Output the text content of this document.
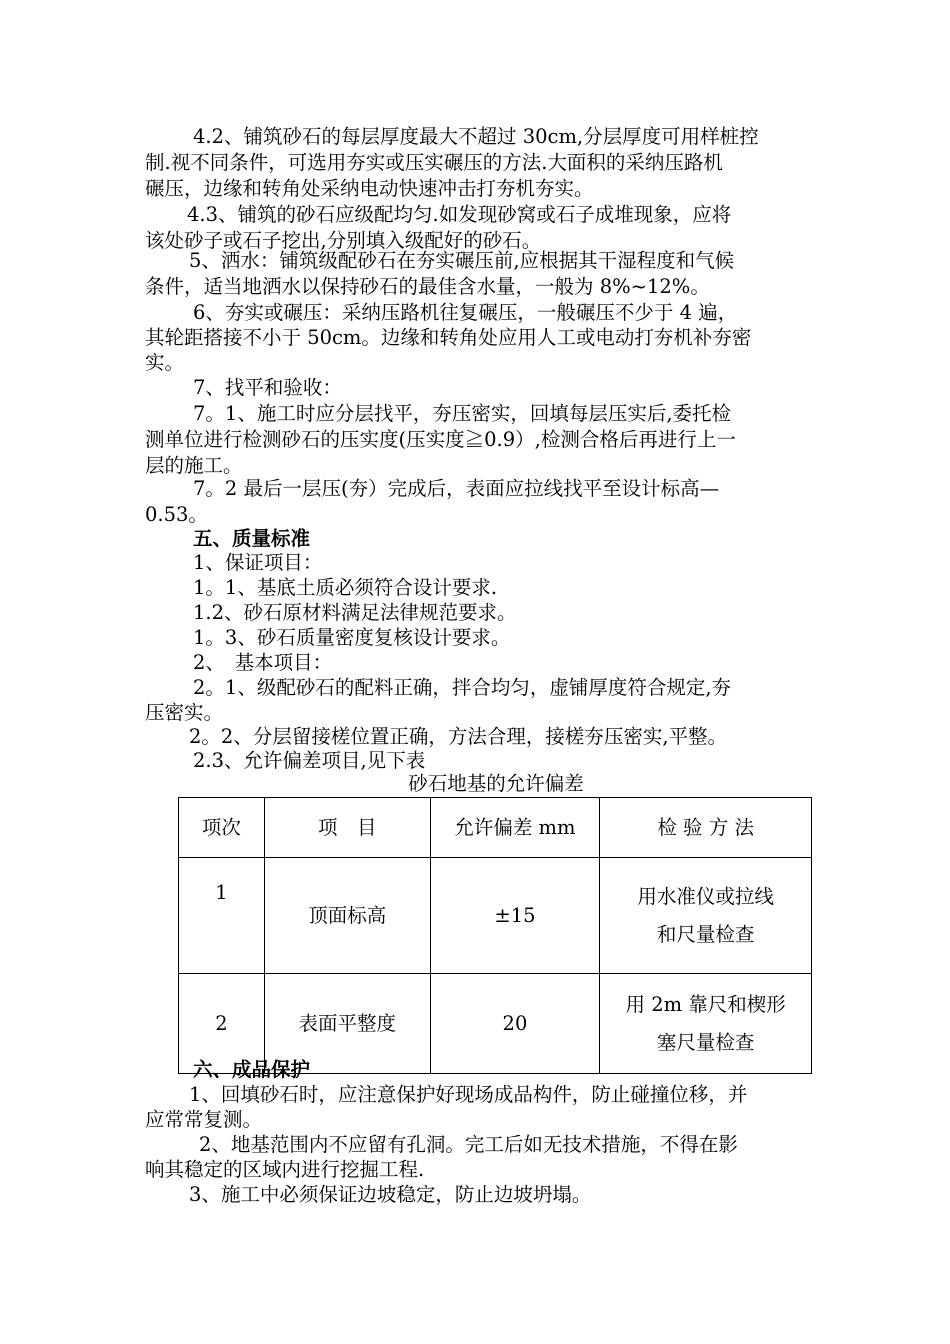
4.2、铺筑砂石的每层厚度最大不超过 30cm,分层厚度可用样桩控
制.视不同条件，可选用夯实或压实碾压的方法.大面积的采纳压路机
碾压，边缘和转角处采纳电动快速冲击打夯机夯实。
4.3、铺筑的砂石应级配均匀.如发现砂窝或石子成堆现象，应将
该处砂子或石子挖出,分别填入级配好的砂石。
5、洒水：铺筑级配砂石在夯实碾压前,应根据其干湿程度和气候
条件，适当地洒水以保持砂石的最佳含水量，一般为 8%~12%。
6、夯实或碾压：采纳压路机往复碾压，一般碾压不少于 4 遍，
其轮距搭接不小于 50cm。边缘和转角处应用人工或电动打夯机补夯密
实。
7、找平和验收：
7。1、施工时应分层找平，夯压密实，回填每层压实后,委托检
测单位进行检测砂石的压实度(压实度≧0.9）,检测合格后再进行上一
层的施工。
7。2 最后一层压(夯）完成后，表面应拉线找平至设计标高—
0.53。
五、质量标准
1、保证项目：
1。1、基底土质必须符合设计要求.
1.2、砂石原材料满足法律规范要求。
1。3、砂石质量密度复核设计要求。
2、　基本项目：
2。1、级配砂石的配料正确，拌合均匀，虚铺厚度符合规定,夯
压密实。
2。2、分层留接槎位置正确，方法合理，接槎夯压密实,平整。
2.3、允许偏差项目,见下表
砂石地基的允许偏差
项次	项　目	允许偏差 mm	检 验 方 法
1	顶面标高	±15	用水准仪或拉线
和尺量检查

2	表面平整度	20	用 2m 靠尺和楔形
塞尺量检查
六、成品保护
1、回填砂石时，应注意保护好现场成品构件，防止碰撞位移，并
应常常复测。
2、地基范围内不应留有孔洞。完工后如无技术措施，不得在影
响其稳定的区域内进行挖掘工程.
3、施工中必须保证边坡稳定，防止边坡坍塌。
